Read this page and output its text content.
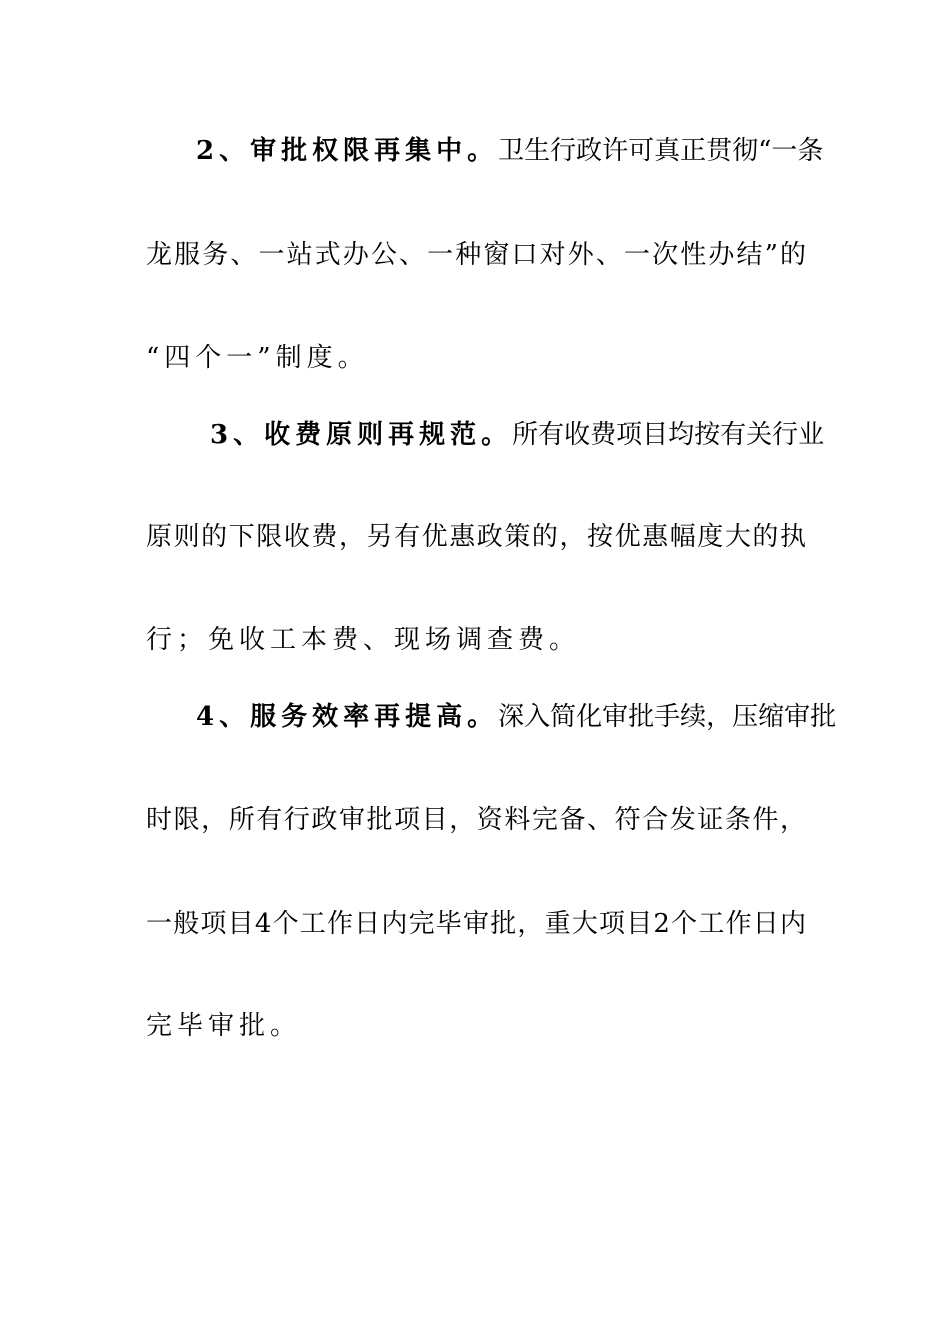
2、审批权限再集中。卫生行政许可真正贯彻“一条
龙服务、一站式办公、一种窗口对外、一次性办结”的
“四个一”制度。
3、收费原则再规范。所有收费项目均按有关行业
原则的下限收费，另有优惠政策的，按优惠幅度大的执
行；免收工本费、现场调查费。
4、服务效率再提高。深入简化审批手续，压缩审批
时限，所有行政审批项目，资料完备、符合发证条件，
一般项目4个工作日内完毕审批，重大项目2个工作日内
完毕审批。
